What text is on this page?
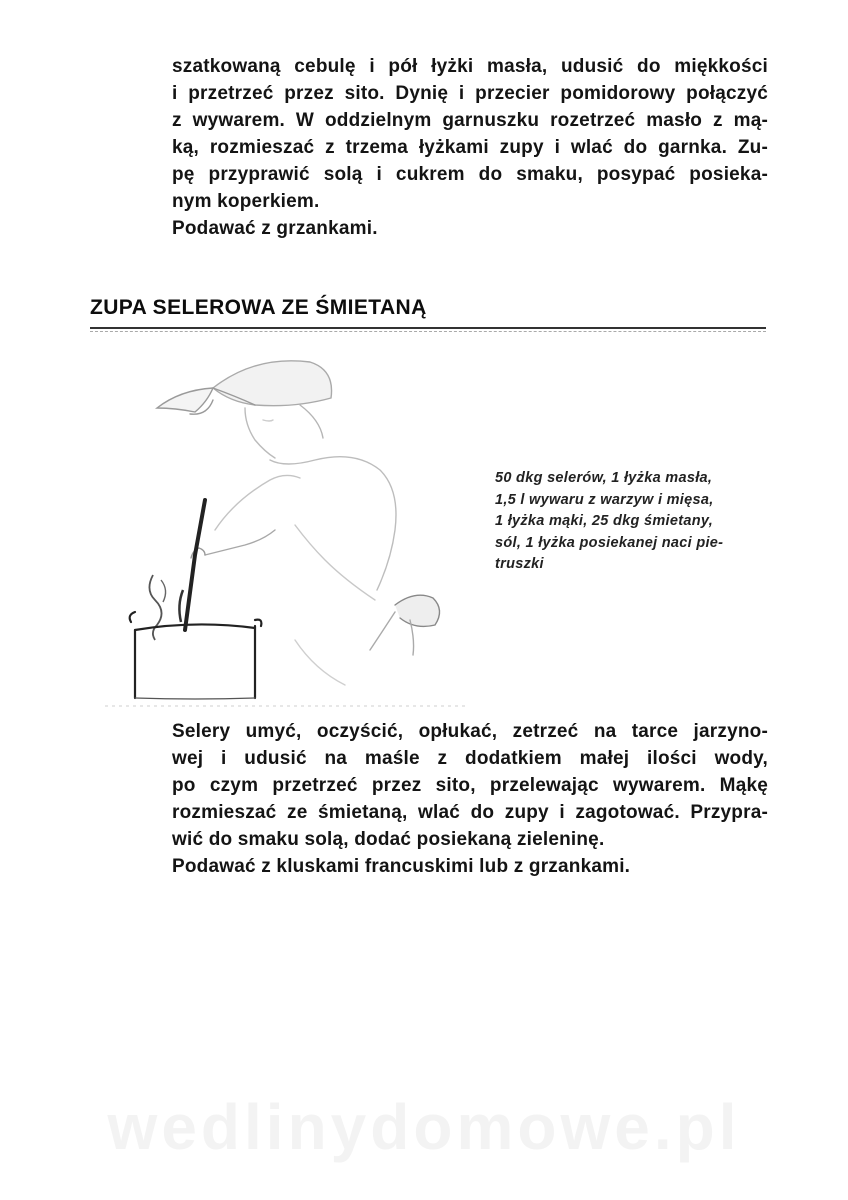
szatkowaną cebulę i pół łyżki masła, udusić do miękkości
i przetrzeć przez sito. Dynię i przecier pomidorowy połączyć
z wywarem. W oddzielnym garnuszku rozetrzeć masło z mą-
ką, rozmieszać z trzema łyżkami zupy i wlać do garnka. Zu-
pę przyprawić solą i cukrem do smaku, posypać posieka-
nym koperkiem.
Podawać z grzankami.
ZUPA SELEROWA ZE ŚMIETANĄ
50 dkg selerów, 1 łyżka masła,
1,5 l wywaru z warzyw i mięsa,
1 łyżka mąki, 25 dkg śmietany,
sól, 1 łyżka posiekanej naci pie-
truszki
Selery umyć, oczyścić, opłukać, zetrzeć na tarce jarzyno-
wej i udusić na maśle z dodatkiem małej ilości wody,
po czym przetrzeć przez sito, przelewając wywarem. Mąkę
rozmieszać ze śmietaną, wlać do zupy i zagotować. Przypra-
wić do smaku solą, dodać posiekaną zieleninę.
Podawać z kluskami francuskimi lub z grzankami.
wedlinydomowe.pl
